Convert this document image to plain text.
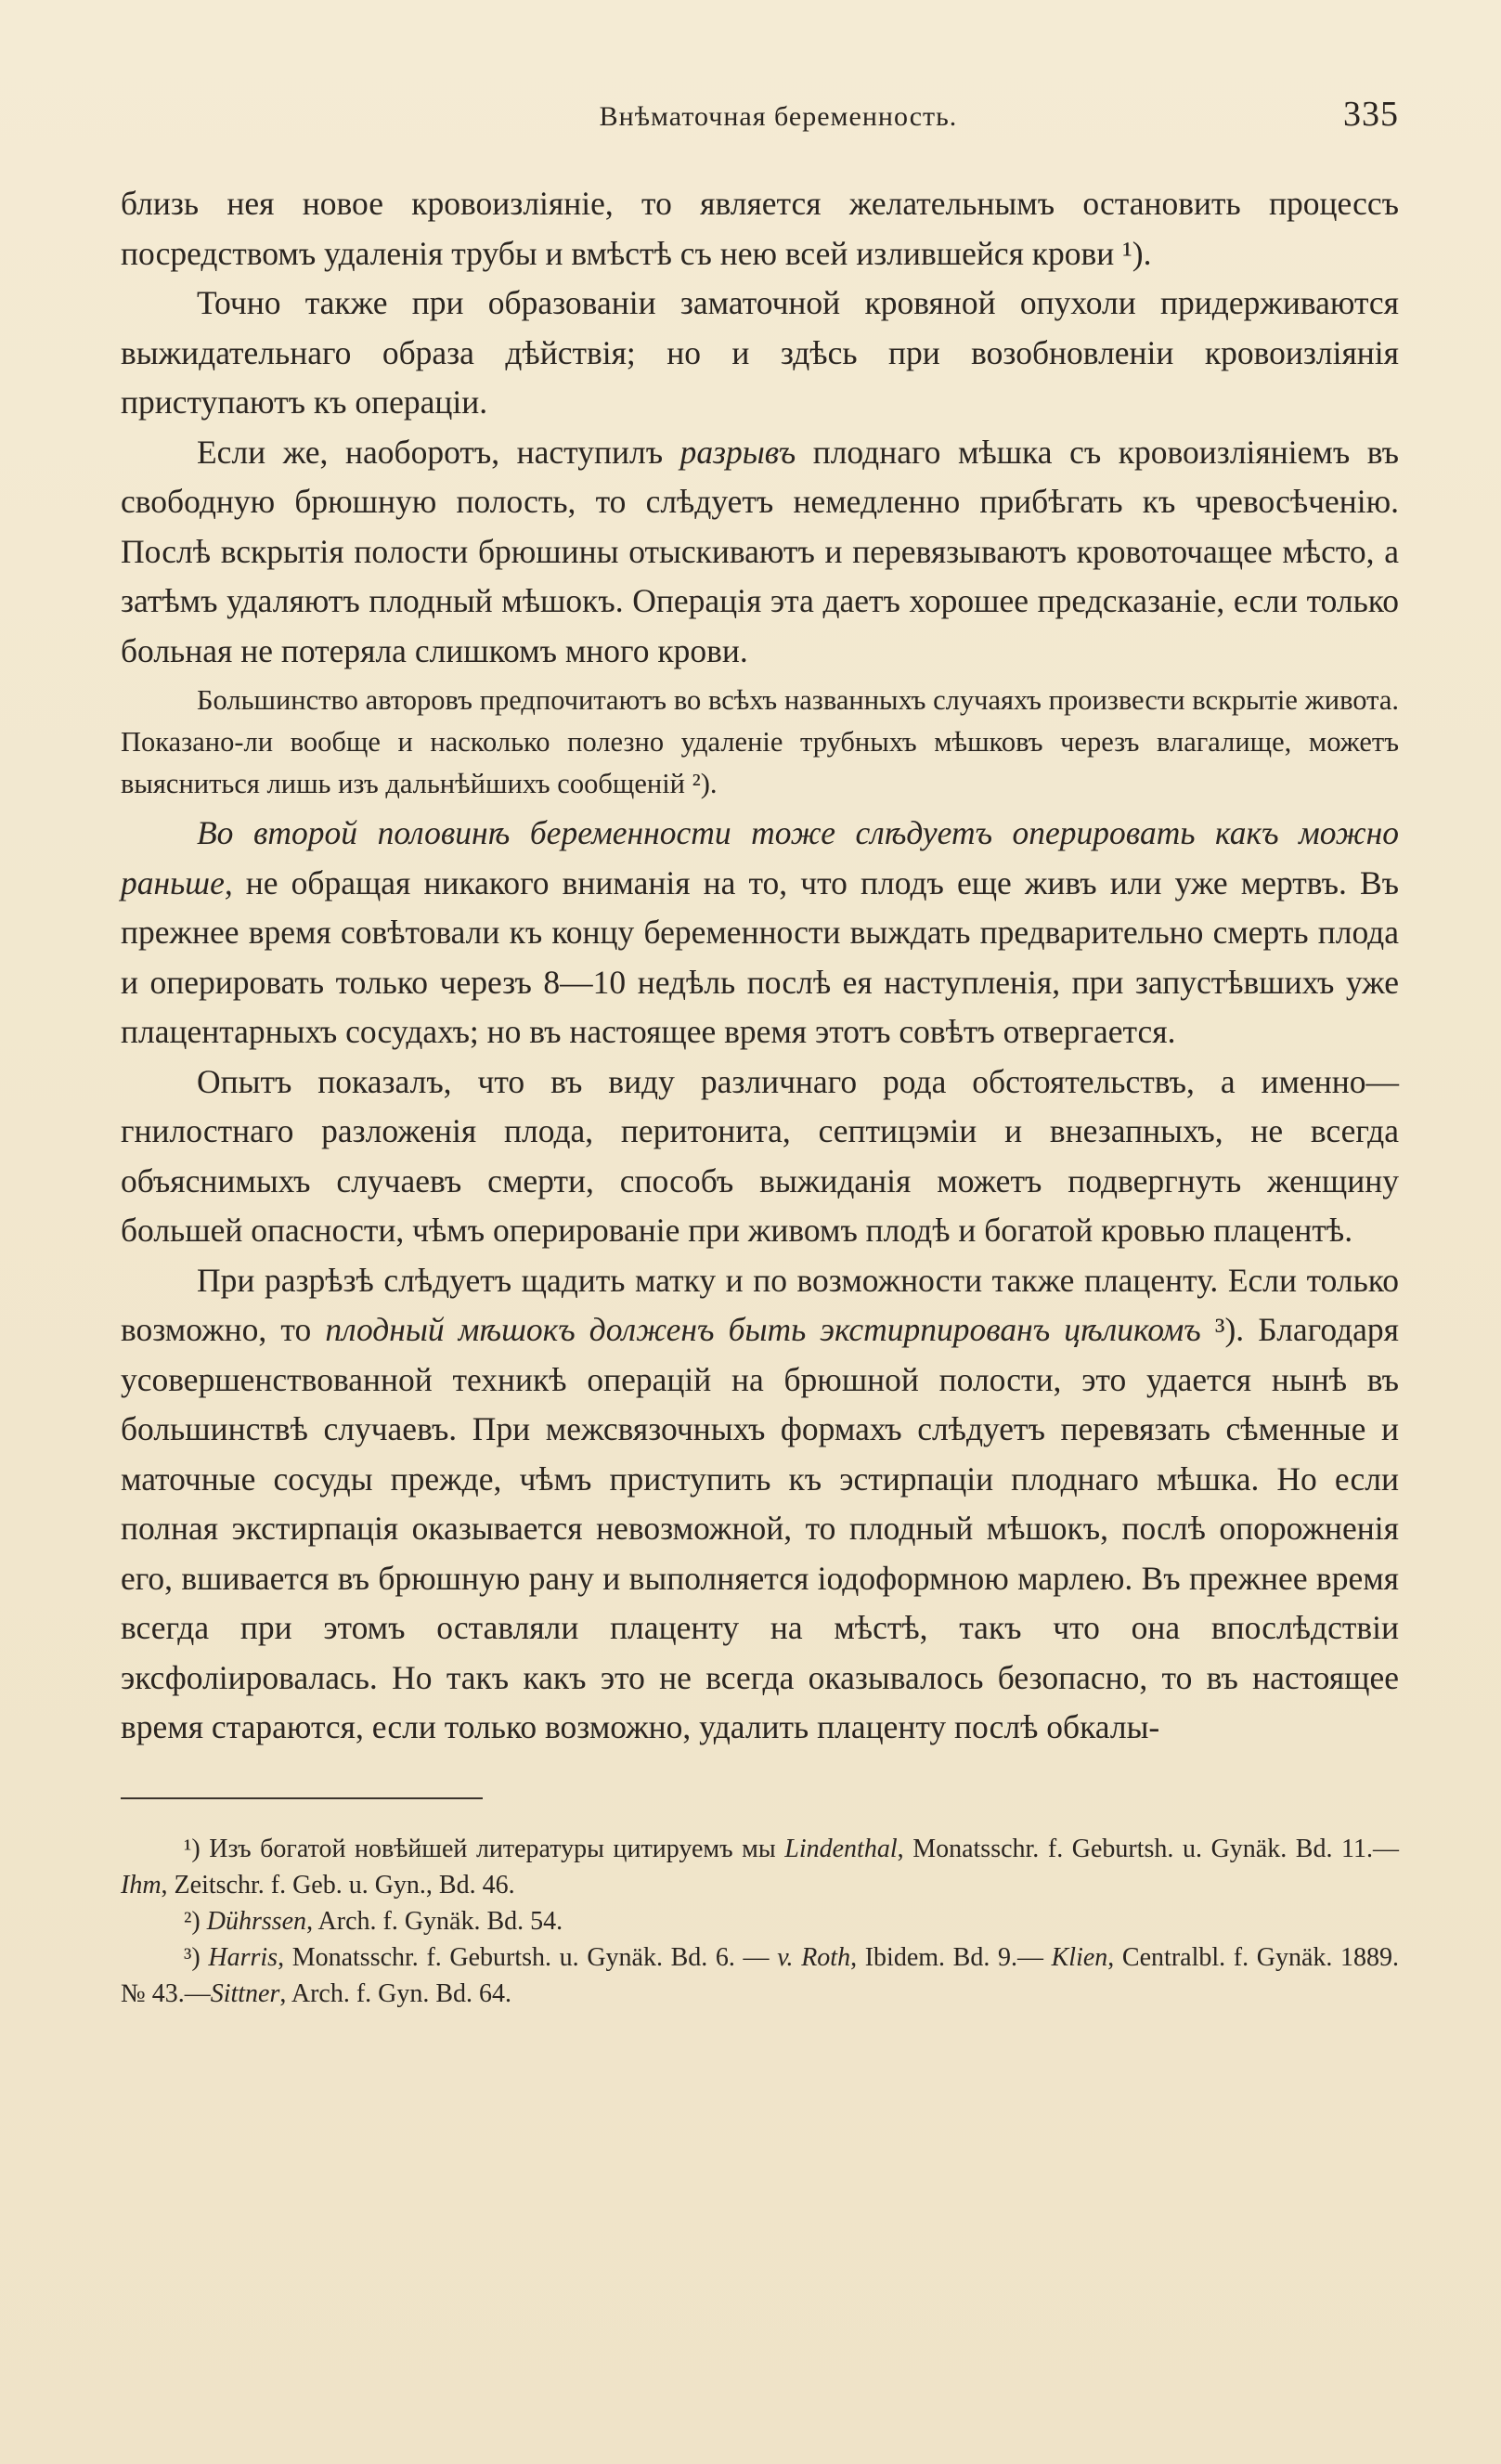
Внѣматочная беременность.	335

близь нея новое кровоизліяніе, то является желательнымъ остановить процессъ посредствомъ удаленія трубы и вмѣстѣ съ нею всей излившейся крови ¹).

Точно также при образованіи заматочной кровяной опухоли придерживаются выжидательнаго образа дѣйствія; но и здѣсь при возобновленіи кровоизліянія приступаютъ къ операціи.

Если же, наоборотъ, наступилъ разрывъ плоднаго мѣшка съ кровоизліяніемъ въ свободную брюшную полость, то слѣдуетъ немедленно прибѣгать къ чревосѣченію. Послѣ вскрытія полости брюшины отыскиваютъ и перевязываютъ кровоточащее мѣсто, а затѣмъ удаляютъ плодный мѣшокъ. Операція эта даетъ хорошее предсказаніе, если только больная не потеряла слишкомъ много крови.

Большинство авторовъ предпочитаютъ во всѣхъ названныхъ случаяхъ произвести вскрытіе живота. Показано-ли вообще и насколько полезно удаленіе трубныхъ мѣшковъ черезъ влагалище, можетъ выясниться лишь изъ дальнѣйшихъ сообщеній ²).

Во второй половинѣ беременности тоже слѣдуетъ оперировать какъ можно раньше, не обращая никакого вниманія на то, что плодъ еще живъ или уже мертвъ. Въ прежнее время совѣтовали къ концу беременности выждать предварительно смерть плода и оперировать только черезъ 8—10 недѣль послѣ ея наступленія, при запустѣвшихъ уже плацентарныхъ сосудахъ; но въ настоящее время этотъ совѣтъ отвергается.

Опытъ показалъ, что въ виду различнаго рода обстоятельствъ, а именно—гнилостнаго разложенія плода, перитонита, септицэміи и внезапныхъ, не всегда объяснимыхъ случаевъ смерти, способъ выжиданія можетъ подвергнуть женщину большей опасности, чѣмъ оперированіе при живомъ плодѣ и богатой кровью плацентѣ.

При разрѣзѣ слѣдуетъ щадить матку и по возможности также плаценту. Если только возможно, то плодный мѣшокъ долженъ быть экстирпированъ цѣликомъ ³). Благодаря усовершенствованной техникѣ операцій на брюшной полости, это удается нынѣ въ большинствѣ случаевъ. При межсвязочныхъ формахъ слѣдуетъ перевязать сѣменные и маточные сосуды прежде, чѣмъ приступить къ эстирпаціи плоднаго мѣшка. Но если полная экстирпація оказывается невозможной, то плодный мѣшокъ, послѣ опорожненія его, вшивается въ брюшную рану и выполняется іодоформною марлею. Въ прежнее время всегда при этомъ оставляли плаценту на мѣстѣ, такъ что она впослѣдствіи эксфоліировалась. Но такъ какъ это не всегда оказывалось безопасно, то въ настоящее время стараются, если только возможно, удалить плаценту послѣ обкалы-

¹) Изъ богатой новѣйшей литературы цитируемъ мы Lindenthal, Monatsschr. f. Geburtsh. u. Gynäk. Bd. 11.—Ihm, Zeitschr. f. Geb. u. Gyn., Bd. 46.

²) Dührssen, Arch. f. Gynäk. Bd. 54.

³) Harris, Monatsschr. f. Geburtsh. u. Gynäk. Bd. 6. — v. Roth, Ibidem. Bd. 9.— Klien, Centralbl. f. Gynäk. 1889. № 43.—Sittner, Arch. f. Gyn. Bd. 64.
